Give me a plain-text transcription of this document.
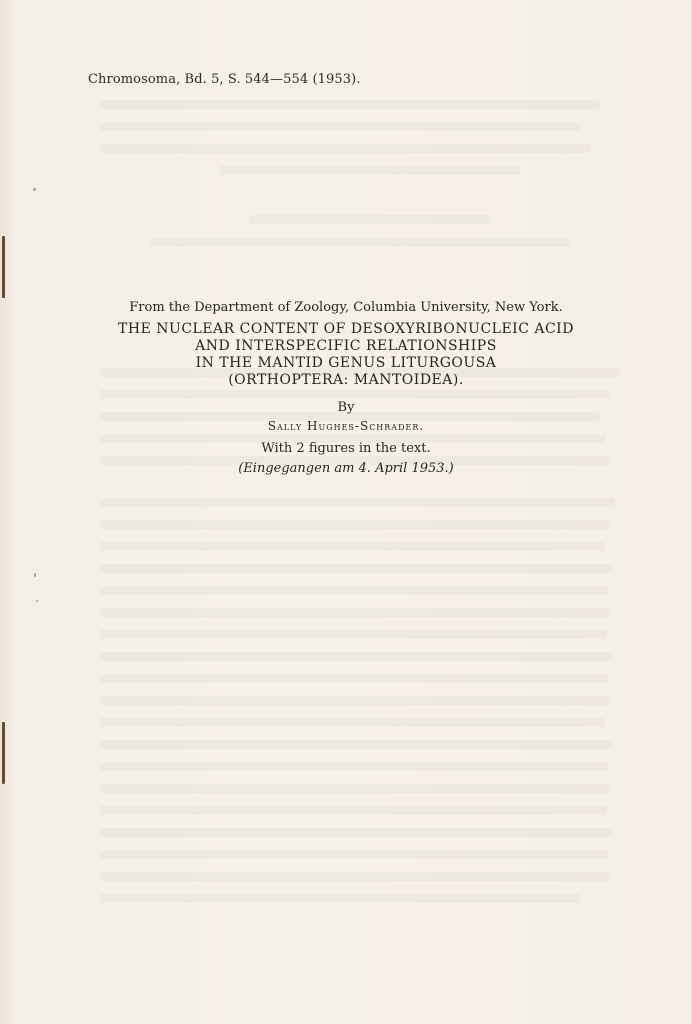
Chromosoma, Bd. 5, S. 544—554 (1953).
From the Department of Zoology, Columbia University, New York.
THE NUCLEAR CONTENT OF DESOXYRIBONUCLEIC ACID
AND INTERSPECIFIC RELATIONSHIPS
IN THE MANTID GENUS LITURGOUSA
(ORTHOPTERA: MANTOIDEA).
By
Sally Hughes-Schrader.
With 2 figures in the text.
(Eingegangen am 4. April 1953.)
